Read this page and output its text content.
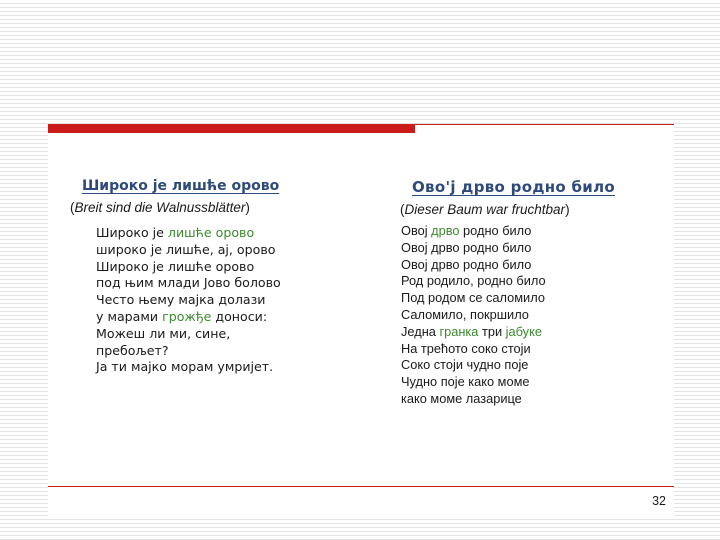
Широко је лишће орово
(Breit sind die Walnussblätter)
Широко је лишће орово
широко је лишће, ај, орово
Широко је лишће орово
под њим млади Јово болово
Често њему мајка долази
у марами грожђе доноси:
Можеш ли ми, сине,
пребољет?
Ја ти мајко морам умријет.
Ово'ј дрво родно било
(Dieser Baum war fruchtbar)
Овој дрво родно било
Овој дрво родно било
Овој дрво родно било
Род родило, родно било
Под родом се саломило
Саломило, покршило
Једна гранка три јабуке
На трећото соко стоји
Соко стоји чудно поје
Чудно поје како моме
како моме лазарице
32
